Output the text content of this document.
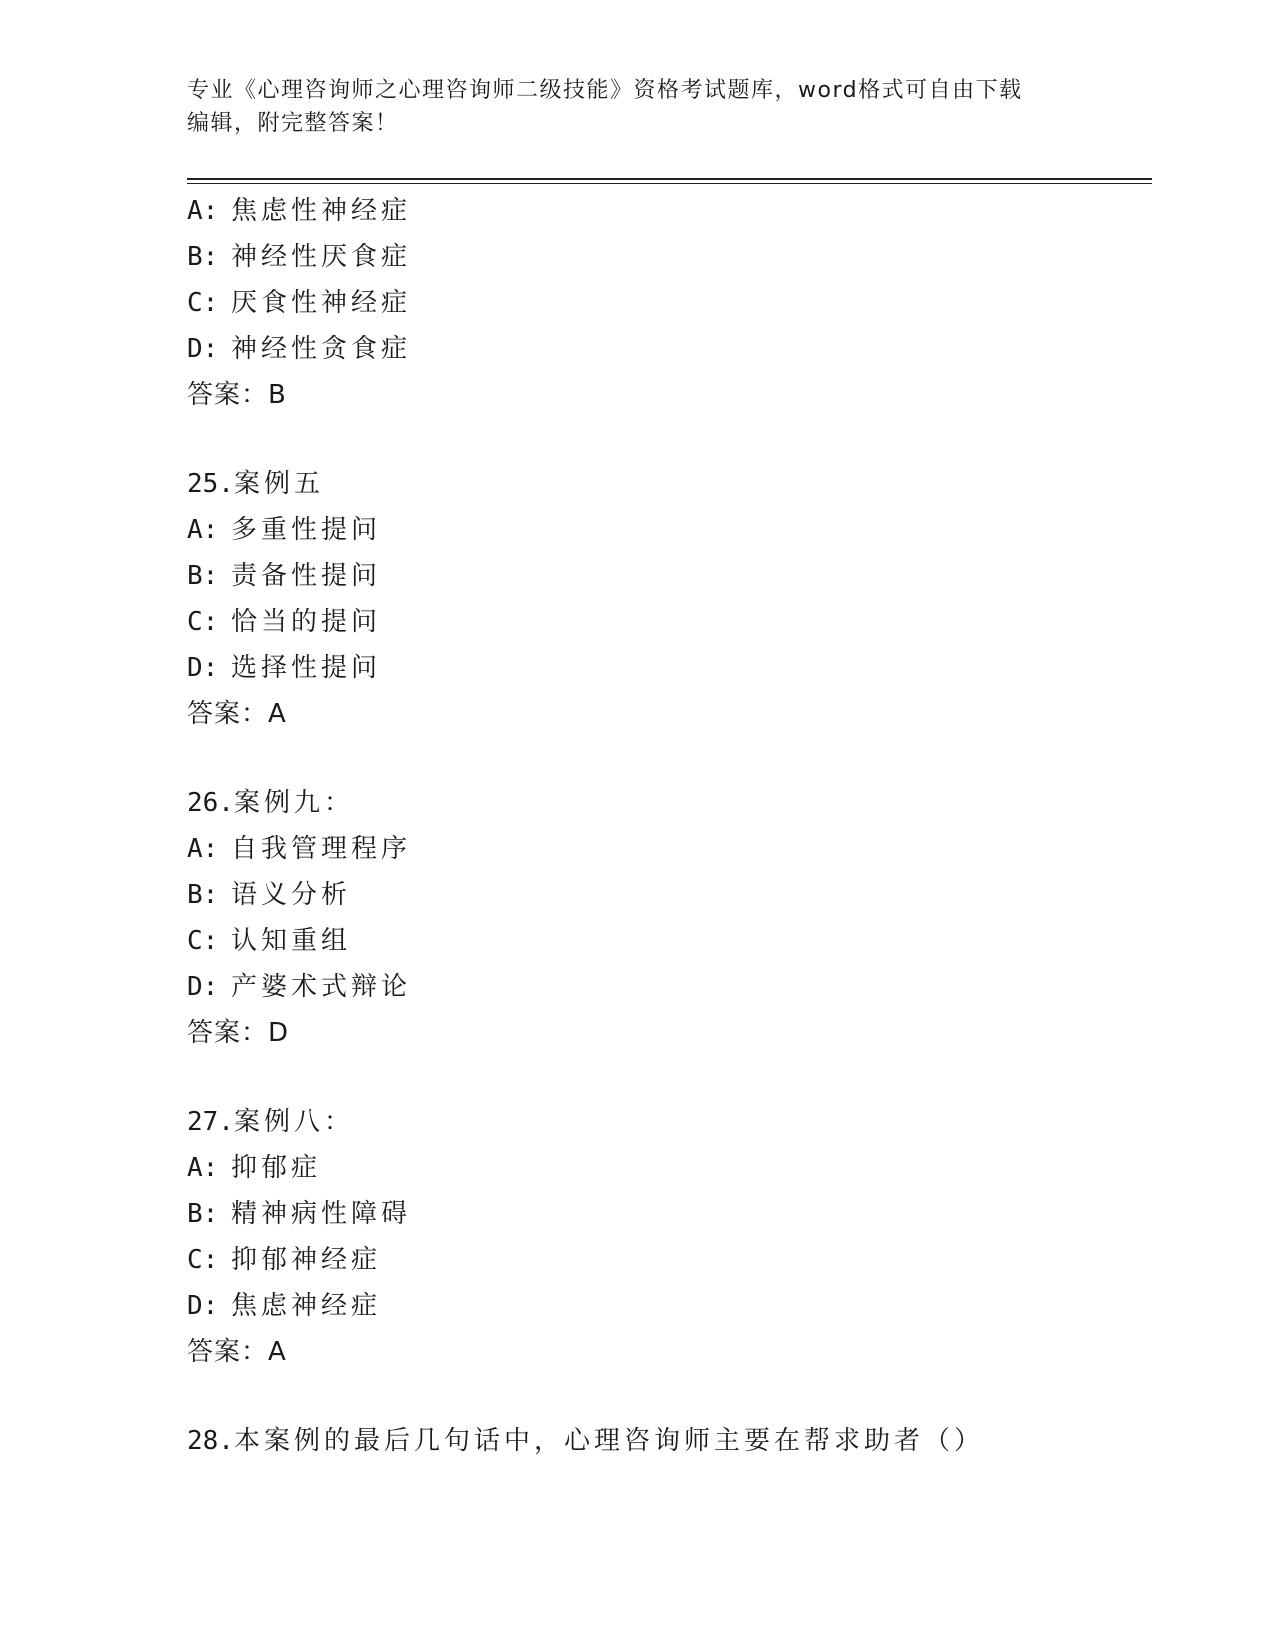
专业《心理咨询师之心理咨询师二级技能》资格考试题库，word格式可自由下载
编辑，附完整答案！
A: 焦虑性神经症
B: 神经性厌食症
C: 厌食性神经症
D: 神经性贪食症
答案：B
25.案例五
A: 多重性提问
B: 责备性提问
C: 恰当的提问
D: 选择性提问
答案：A
26.案例九：
A: 自我管理程序
B: 语义分析
C: 认知重组
D: 产婆术式辩论
答案：D
27.案例八：
A: 抑郁症
B: 精神病性障碍
C: 抑郁神经症
D: 焦虑神经症
答案：A
28.本案例的最后几句话中，心理咨询师主要在帮求助者（）
